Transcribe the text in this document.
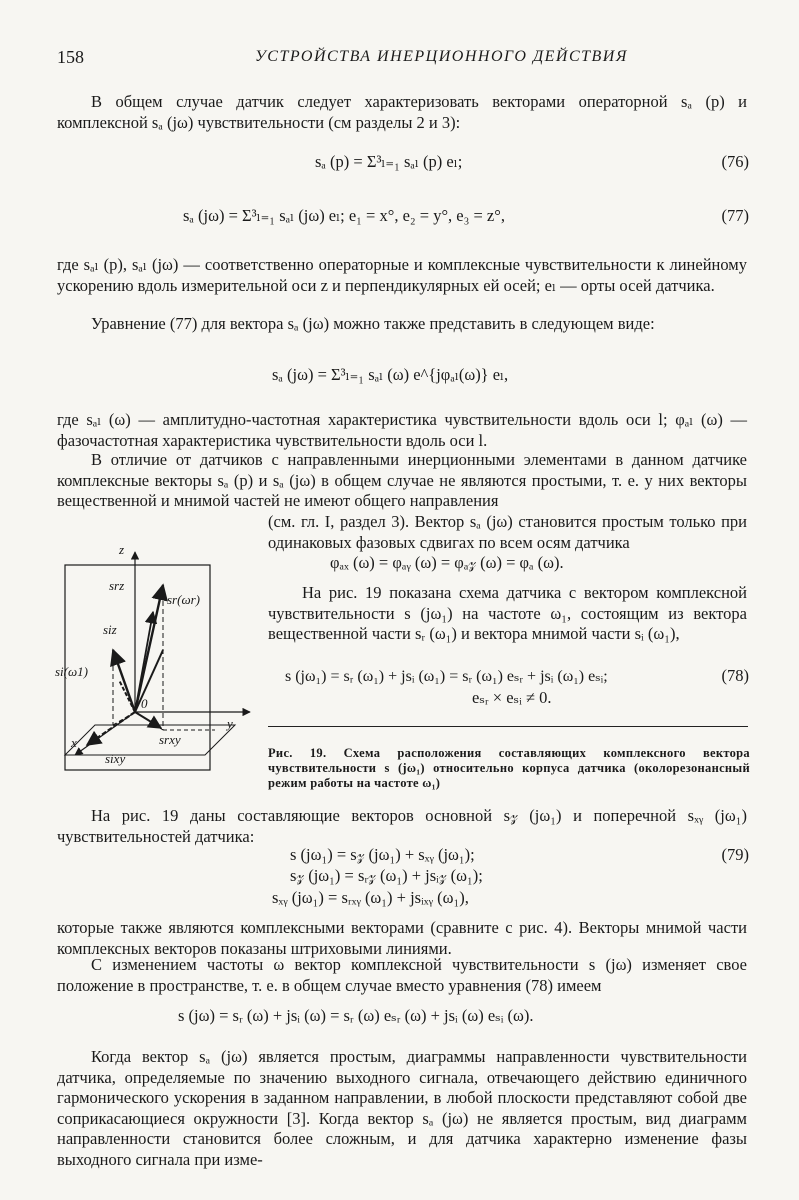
158	УСТРОЙСТВА ИНЕРЦИОННОГО ДЕЙСТВИЯ
В общем случае датчик следует характеризовать векторами операторной sₐ (p) и комплексной sₐ (jω) чувствительности (см разделы 2 и 3):
sₐ (p) = Σ³ₗ₌₁ sₐₗ (p) eₗ;	(76)
sₐ (jω) = Σ³ₗ₌₁ sₐₗ (jω) eₗ; e₁ = x°, e₂ = y°, e₃ = z°,	(77)
где sₐₗ (p), sₐₗ (jω) — соответственно операторные и комплексные чувствительности к линейному ускорению вдоль измерительной оси z и перпендикулярных ей осей; eₗ — орты осей датчика.
Уравнение (77) для вектора sₐ (jω) можно также представить в следующем виде:
sₐ (jω) = Σ³ₗ₌₁ sₐₗ (ω) e^{jφₐₗ(ω)} eₗ,
где sₐₗ (ω) — амплитудно-частотная характеристика чувствительности вдоль оси l; φₐₗ (ω) — фазочастотная характеристика чувствительности вдоль оси l.
В отличие от датчиков с направленными инерционными элементами в данном датчике комплексные векторы sₐ (p) и sₐ (jω) в общем случае не являются простыми, т. е. у них векторы вещественной и мнимой частей не имеют общего направления
(см. гл. I, раздел 3). Вектор sₐ (jω) становится простым только при одинаковых фазовых сдвигах по всем осям датчика
φₐₓ (ω) = φₐᵧ (ω) = φₐ𝓏 (ω) = φₐ (ω).
На рис. 19 показана схема датчика с вектором комплексной чувствительности s (jω₁) на частоте ω₁, состоящим из вектора вещественной части sᵣ (ω₁) и вектора мнимой части sᵢ (ω₁),
s (jω₁) = sᵣ (ω₁) + jsᵢ (ω₁) = sᵣ (ω₁) eₛᵣ + jsᵢ (ω₁) eₛᵢ;	(78)
eₛᵣ × eₛᵢ ≠ 0.
Рис. 19. Схема расположения составляющих комплексного вектора чувствительности s (jω₁) относительно корпуса датчика (околорезонансный режим работы на частоте ω₁)
z
y
x
0
srz
sr(ωr)
siz
si(ω1)
sixy
srxy
На рис. 19 даны составляющие векторов основной s𝓏 (jω₁) и поперечной sₓᵧ (jω₁) чувствительностей датчика:
s (jω₁) = s𝓏 (jω₁) + sₓᵧ (jω₁);	(79)
s𝓏 (jω₁) = sᵣ𝓏 (ω₁) + jsᵢ𝓏 (ω₁);
sₓᵧ (jω₁) = sᵣₓᵧ (ω₁) + jsᵢₓᵧ (ω₁),
которые также являются комплексными векторами (сравните с рис. 4). Векторы мнимой части комплексных векторов показаны штриховыми линиями.
С изменением частоты ω вектор комплексной чувствительности s (jω) изменяет свое положение в пространстве, т. е. в общем случае вместо уравнения (78) имеем
s (jω) = sᵣ (ω) + jsᵢ (ω) = sᵣ (ω) eₛᵣ (ω) + jsᵢ (ω) eₛᵢ (ω).
Когда вектор sₐ (jω) является простым, диаграммы направленности чувствительности датчика, определяемые по значению выходного сигнала, отвечающего действию единичного гармонического ускорения в заданном направлении, в любой плоскости представляют собой две соприкасающиеся окружности [3]. Когда вектор sₐ (jω) не является простым, вид диаграмм направленности становится более сложным, и для датчика характерно изменение фазы выходного сигнала при изме-
